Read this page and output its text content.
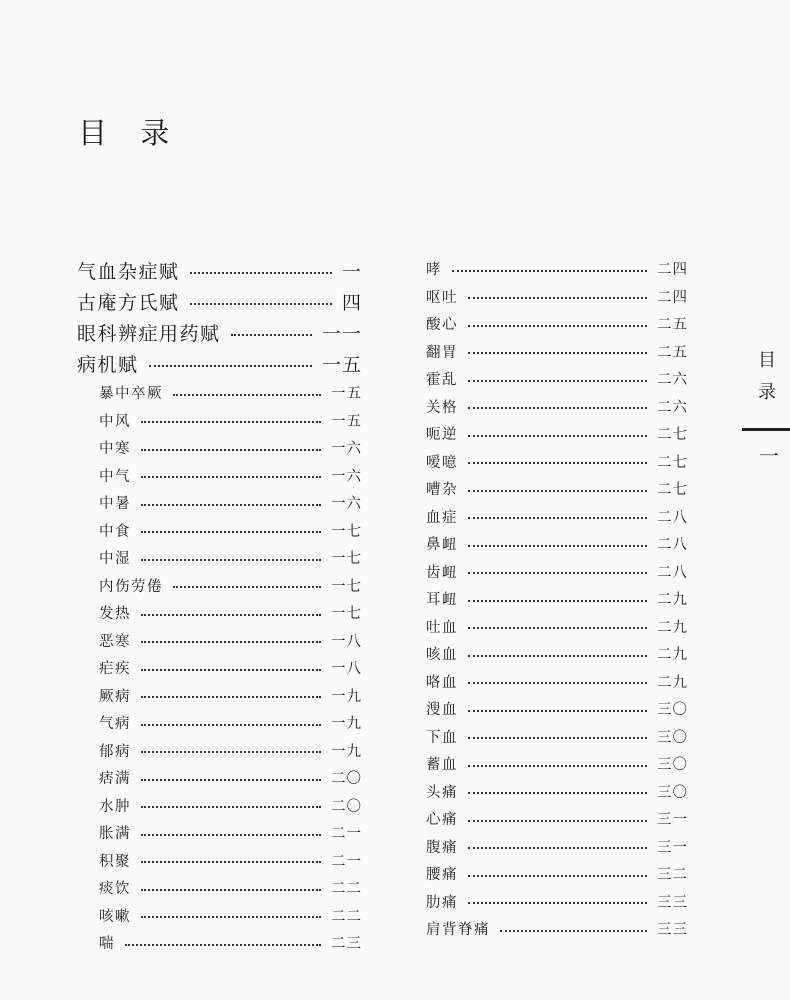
目 录
气血杂症赋	一
古庵方氏赋	四
眼科辨症用药赋	一一
病机赋	一五
暴中卒厥	一五
中风	一五
中寒	一六
中气	一六
中暑	一六
中食	一七
中湿	一七
内伤劳倦	一七
发热	一七
恶寒	一八
疟疾	一八
厥病	一九
气病	一九
郁病	一九
痞满	二〇
水肿	二〇
胀满	二一
积聚	二一
痰饮	二二
咳嗽	二二
喘	二三
哮	二四
呕吐	二四
酸心	二五
翻胃	二五
霍乱	二六
关格	二六
呃逆	二七
嗳噫	二七
嘈杂	二七
血症	二八
鼻衄	二八
齿衄	二八
耳衄	二九
吐血	二九
咳血	二九
咯血	二九
溲血	三〇
下血	三〇
蓄血	三〇
头痛	三〇
心痛	三一
腹痛	三一
腰痛	三二
肋痛	三三
肩背脊痛	三三
目
录
一
